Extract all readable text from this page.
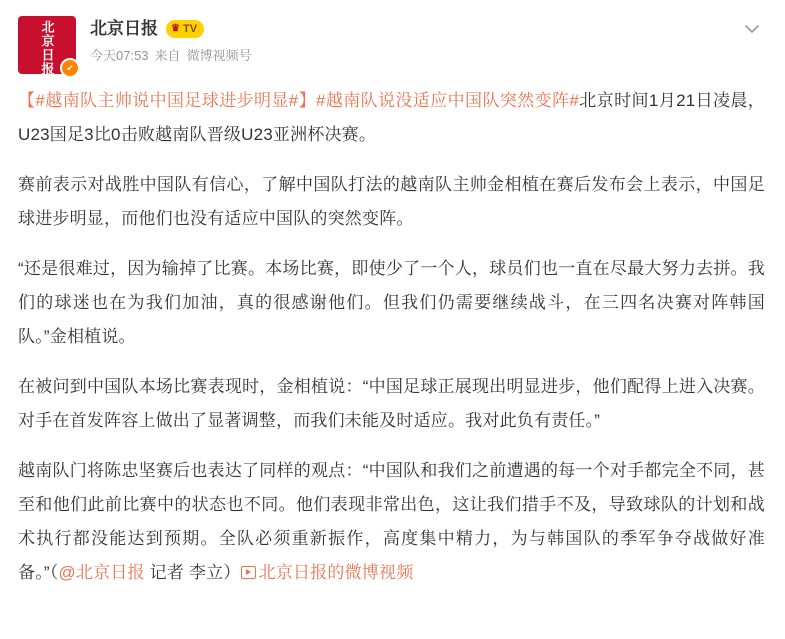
北京日报	✔
北京日报 ♛ TV
今天07:53 来自 微博视频号

【#越南队主帅说中国足球进步明显#】#越南队说没适应中国队突然变阵#北京时间1月21日凌晨，U23国足3比0击败越南队晋级U23亚洲杯决赛。

赛前表示对战胜中国队有信心，了解中国队打法的越南队主帅金相植在赛后发布会上表示，中国足球进步明显，而他们也没有适应中国队的突然变阵。

“还是很难过，因为输掉了比赛。本场比赛，即使少了一个人，球员们也一直在尽最大努力去拼。我们的球迷也在为我们加油，真的很感谢他们。但我们仍需要继续战斗，在三四名决赛对阵韩国队。”金相植说。

在被问到中国队本场比赛表现时，金相植说：“中国足球正展现出明显进步，他们配得上进入决赛。对手在首发阵容上做出了显著调整，而我们未能及时适应。我对此负有责任。”

越南队门将陈忠坚赛后也表达了同样的观点：“中国队和我们之前遭遇的每一个对手都完全不同，甚至和他们此前比赛中的状态也不同。他们表现非常出色，这让我们措手不及，导致球队的计划和战术执行都没能达到预期。全队必须重新振作，高度集中精力，为与韩国队的季军争夺战做好准备。”（@北京日报 记者 李立） 北京日报的微博视频
